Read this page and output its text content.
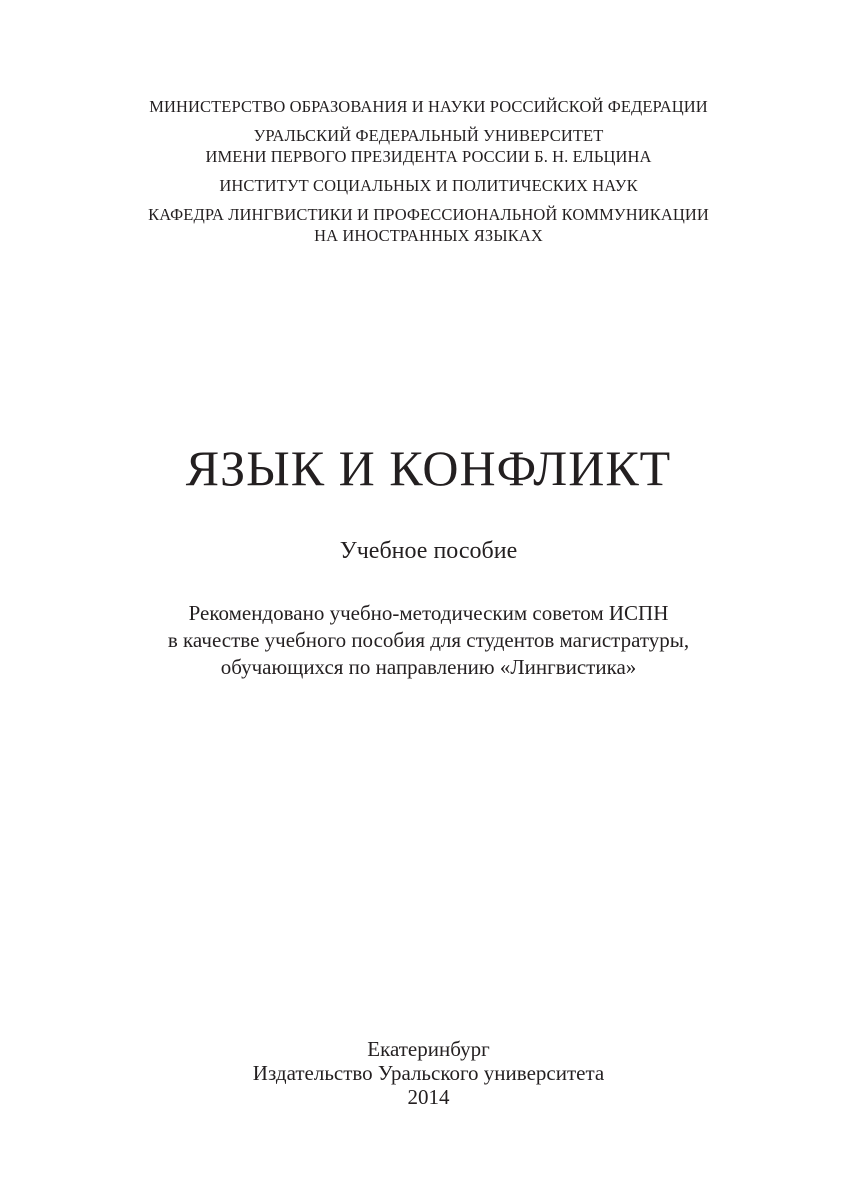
МИНИСТЕРСТВО ОБРАЗОВАНИЯ И НАУКИ РОССИЙСКОЙ ФЕДЕРАЦИИ
УРАЛЬСКИЙ ФЕДЕРАЛЬНЫЙ УНИВЕРСИТЕТ
ИМЕНИ ПЕРВОГО ПРЕЗИДЕНТА РОССИИ Б. Н. ЕЛЬЦИНА
ИНСТИТУТ СОЦИАЛЬНЫХ И ПОЛИТИЧЕСКИХ НАУК
КАФЕДРА ЛИНГВИСТИКИ И ПРОФЕССИОНАЛЬНОЙ КОММУНИКАЦИИ
НА ИНОСТРАННЫХ ЯЗЫКАХ
ЯЗЫК И КОНФЛИКТ
Учебное пособие
Рекомендовано учебно-методическим советом ИСПН
в качестве учебного пособия для студентов магистратуры,
обучающихся по направлению «Лингвистика»
Екатеринбург
Издательство Уральского университета
2014
